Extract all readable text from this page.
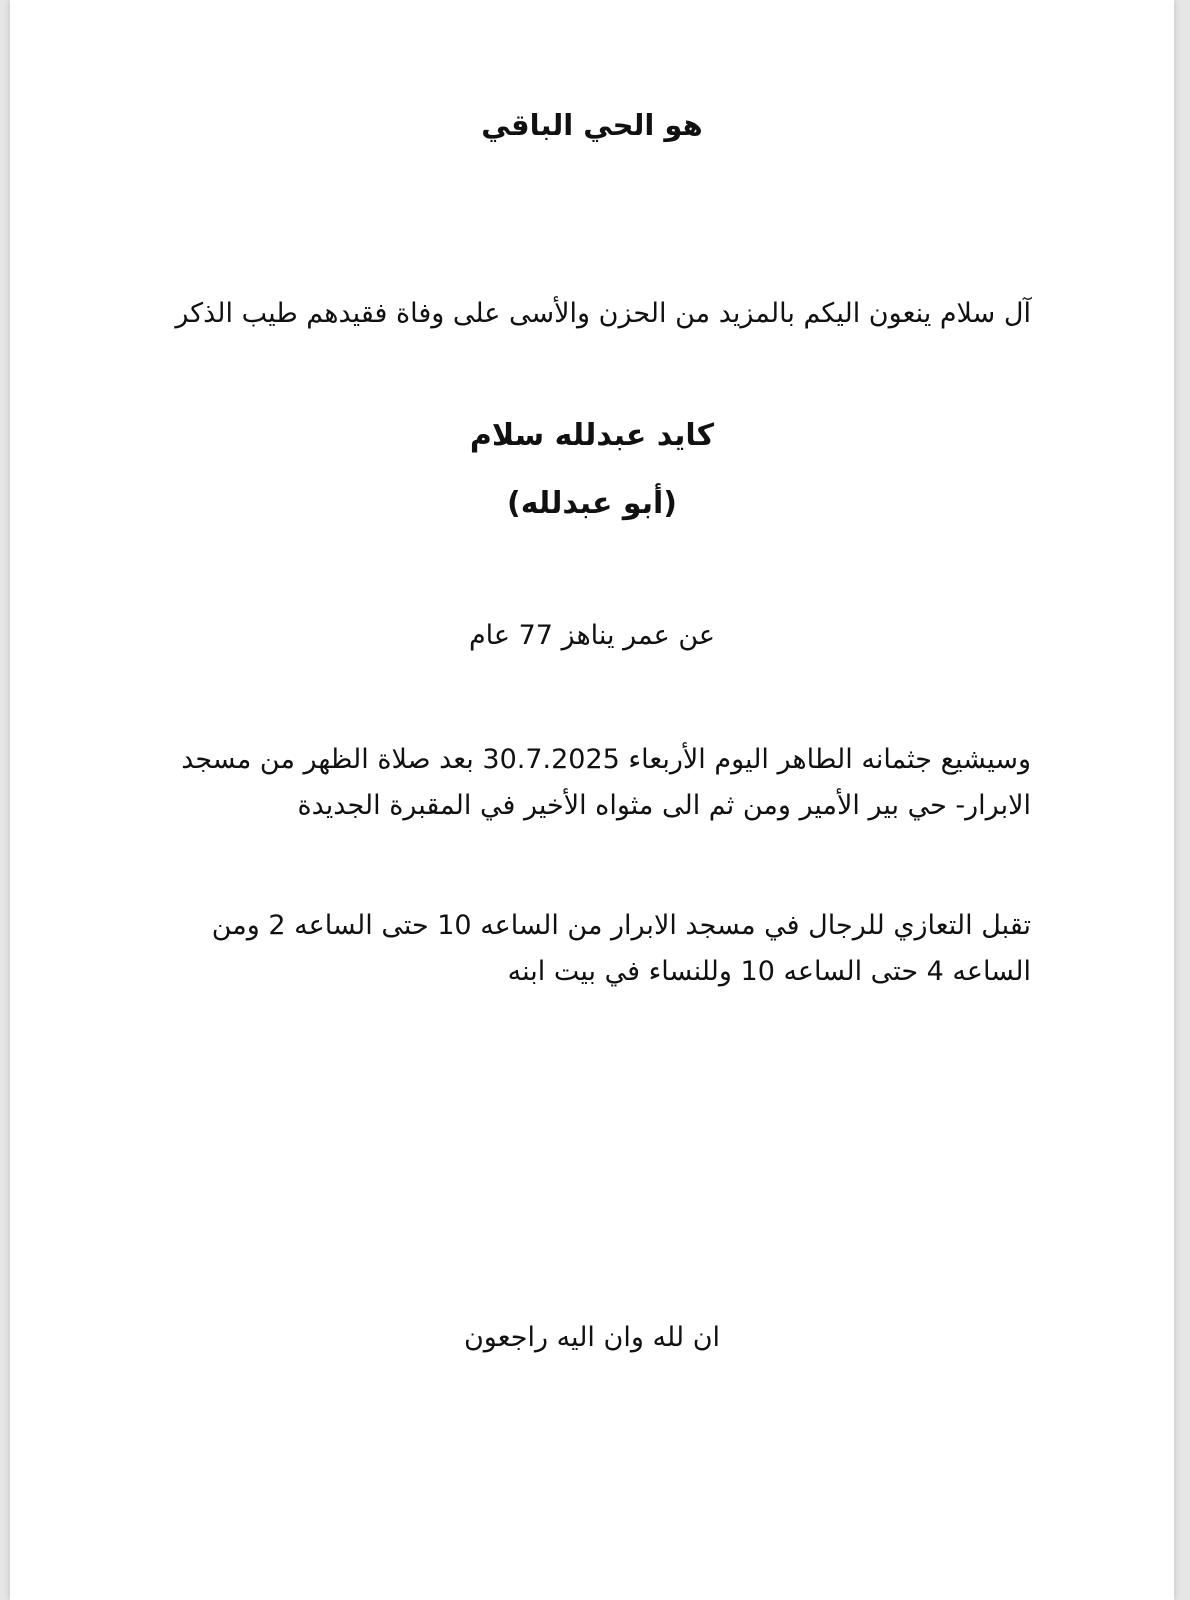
هو الحي الباقي

آل سلام ينعون اليكم بالمزيد من الحزن والأسى على وفاة فقيدهم طيب الذكر

كايد عبدلله سلام

(أبو عبدلله)

عن عمر يناهز 77 عام

وسيشيع جثمانه الطاهر اليوم الأربعاء 30.7.2025 بعد صلاة الظهر من مسجد

الابرار- حي بير الأمير ومن ثم الى مثواه الأخير في المقبرة الجديدة

تقبل التعازي للرجال في مسجد الابرار من الساعه 10 حتى الساعه 2 ومن

الساعه 4 حتى الساعه 10 وللنساء في بيت ابنه

ان لله وان اليه راجعون
